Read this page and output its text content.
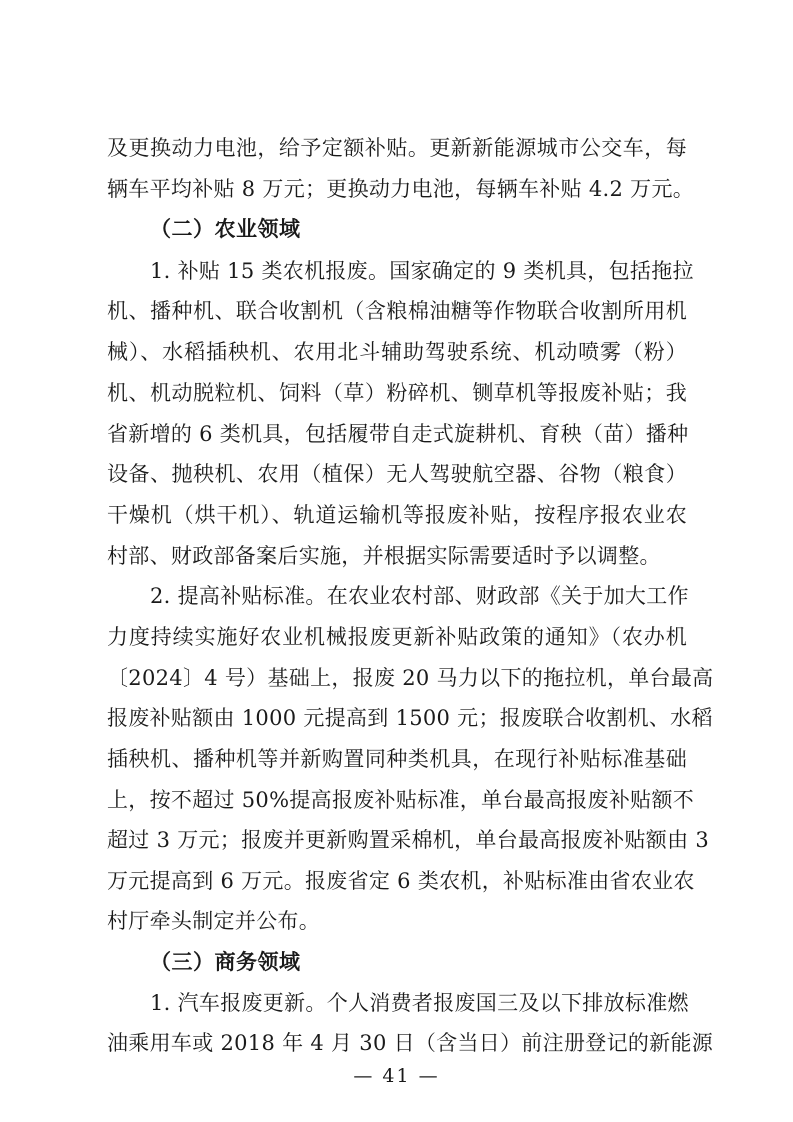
及更换动力电池，给予定额补贴。更新新能源城市公交车，每
辆车平均补贴 8 万元；更换动力电池，每辆车补贴 4.2 万元。
（二）农业领域
1. 补贴 15 类农机报废。国家确定的 9 类机具，包括拖拉
机、播种机、联合收割机（含粮棉油糖等作物联合收割所用机
械）、水稻插秧机、农用北斗辅助驾驶系统、机动喷雾（粉）
机、机动脱粒机、饲料（草）粉碎机、铡草机等报废补贴；我
省新增的 6 类机具，包括履带自走式旋耕机、育秧（苗）播种
设备、抛秧机、农用（植保）无人驾驶航空器、谷物（粮食）
干燥机（烘干机）、轨道运输机等报废补贴，按程序报农业农
村部、财政部备案后实施，并根据实际需要适时予以调整。
2. 提高补贴标准。在农业农村部、财政部《关于加大工作
力度持续实施好农业机械报废更新补贴政策的通知》（农办机
〔2024〕4 号）基础上，报废 20 马力以下的拖拉机，单台最高
报废补贴额由 1000 元提高到 1500 元；报废联合收割机、水稻
插秧机、播种机等并新购置同种类机具，在现行补贴标准基础
上，按不超过 50%提高报废补贴标准，单台最高报废补贴额不
超过 3 万元；报废并更新购置采棉机，单台最高报废补贴额由 3
万元提高到 6 万元。报废省定 6 类农机，补贴标准由省农业农
村厅牵头制定并公布。
（三）商务领域
1. 汽车报废更新。个人消费者报废国三及以下排放标准燃
油乘用车或 2018 年 4 月 30 日（含当日）前注册登记的新能源
— 41 —
